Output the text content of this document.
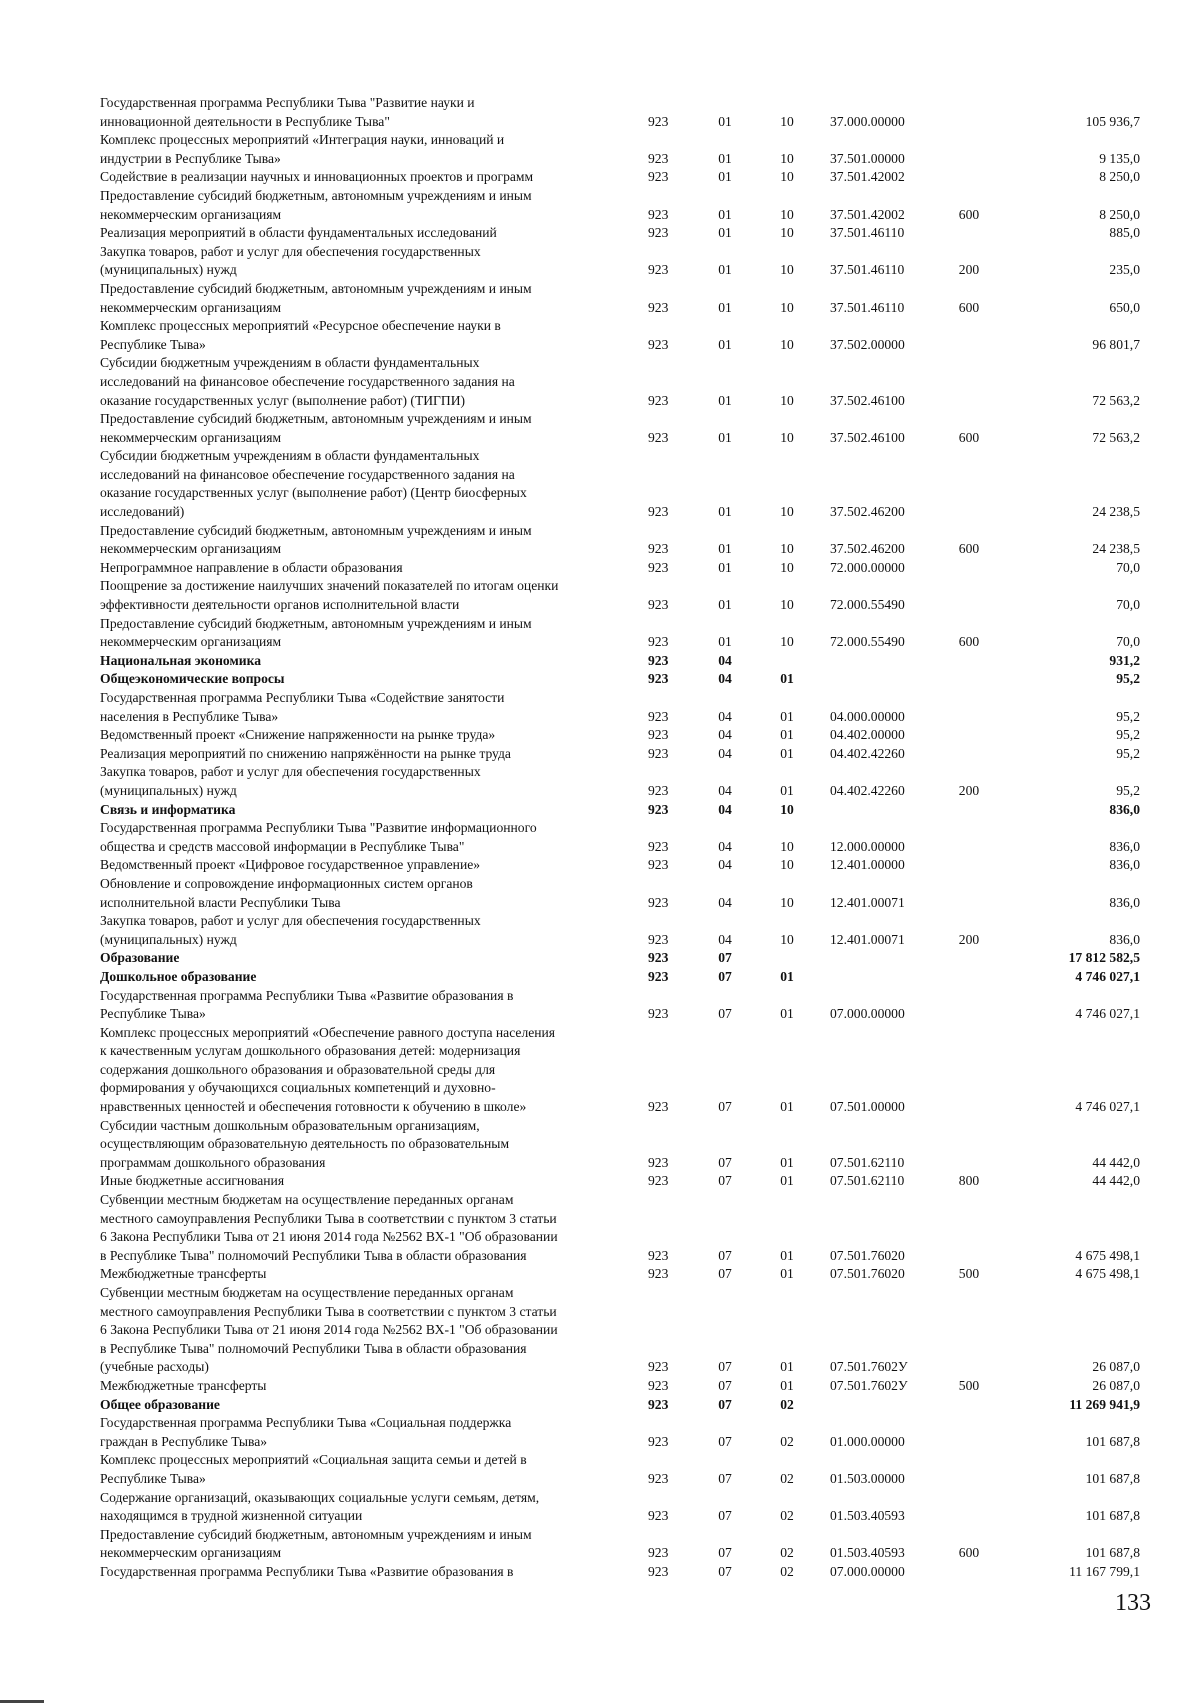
Государственная программа Республики Тыва "Развитие науки и
инновационной деятельности в Республике Тыва"	923	01	10	37.000.00000	105 936,7
Комплекс процессных мероприятий «Интеграция науки, инноваций и
индустрии в Республике Тыва»	923	01	10	37.501.00000	9 135,0
Содействие в реализации научных и инновационных проектов и программ	923	01	10	37.501.42002	8 250,0
Предоставление субсидий бюджетным, автономным учреждениям и иным
некоммерческим организациям	923	01	10	37.501.42002	600	8 250,0
Реализация мероприятий в области фундаментальных исследований	923	01	10	37.501.46110	885,0
Закупка товаров, работ и услуг для обеспечения государственных
(муниципальных) нужд	923	01	10	37.501.46110	200	235,0
Предоставление субсидий бюджетным, автономным учреждениям и иным
некоммерческим организациям	923	01	10	37.501.46110	600	650,0
Комплекс процессных мероприятий «Ресурсное обеспечение науки в
Республике Тыва»	923	01	10	37.502.00000	96 801,7
Субсидии бюджетным учреждениям в области фундаментальных
исследований на финансовое обеспечение государственного задания на
оказание государственных услуг (выполнение работ) (ТИГПИ)	923	01	10	37.502.46100	72 563,2
Предоставление субсидий бюджетным, автономным учреждениям и иным
некоммерческим организациям	923	01	10	37.502.46100	600	72 563,2
Субсидии бюджетным учреждениям в области фундаментальных
исследований на финансовое обеспечение государственного задания на
оказание государственных услуг (выполнение работ) (Центр биосферных
исследований)	923	01	10	37.502.46200	24 238,5
Предоставление субсидий бюджетным, автономным учреждениям и иным
некоммерческим организациям	923	01	10	37.502.46200	600	24 238,5
Непрограммное направление в области образования	923	01	10	72.000.00000	70,0
Поощрение за достижение наилучших значений показателей по итогам оценки
эффективности деятельности органов исполнительной власти	923	01	10	72.000.55490	70,0
Предоставление субсидий бюджетным, автономным учреждениям и иным
некоммерческим организациям	923	01	10	72.000.55490	600	70,0
Национальная экономика	923	04	931,2
Общеэкономические вопросы	923	04	01	95,2
Государственная программа Республики Тыва «Содействие занятости
населения в Республике Тыва»	923	04	01	04.000.00000	95,2
Ведомственный проект «Снижение напряженности на рынке труда»	923	04	01	04.402.00000	95,2
Реализация мероприятий по снижению напряжённости на рынке труда	923	04	01	04.402.42260	95,2
Закупка товаров, работ и услуг для обеспечения государственных
(муниципальных) нужд	923	04	01	04.402.42260	200	95,2
Связь и информатика	923	04	10	836,0
Государственная программа Республики Тыва "Развитие информационного
общества и средств массовой информации в Республике Тыва"	923	04	10	12.000.00000	836,0
Ведомственный проект «Цифровое государственное управление»	923	04	10	12.401.00000	836,0
Обновление и сопровождение информационных систем органов
исполнительной власти Республики Тыва	923	04	10	12.401.00071	836,0
Закупка товаров, работ и услуг для обеспечения государственных
(муниципальных) нужд	923	04	10	12.401.00071	200	836,0
Образование	923	07	17 812 582,5
Дошкольное образование	923	07	01	4 746 027,1
Государственная программа Республики Тыва «Развитие образования в
Республике Тыва»	923	07	01	07.000.00000	4 746 027,1
Комплекс процессных мероприятий «Обеспечение равного доступа населения
к качественным услугам дошкольного образования детей: модернизация
содержания дошкольного образования и образовательной среды для
формирования у обучающихся социальных компетенций и духовно-
нравственных ценностей и обеспечения готовности к обучению в школе»	923	07	01	07.501.00000	4 746 027,1
Субсидии частным дошкольным образовательным организациям,
осуществляющим образовательную деятельность по образовательным
программам дошкольного образования	923	07	01	07.501.62110	44 442,0
Иные бюджетные ассигнования	923	07	01	07.501.62110	800	44 442,0
Субвенции местным бюджетам на осуществление переданных органам
местного самоуправления Республики Тыва в соответствии с пунктом 3 статьи
6 Закона Республики Тыва от 21 июня 2014 года №2562 ВХ-1 "Об образовании
в Республике Тыва" полномочий Республики Тыва в области образования	923	07	01	07.501.76020	4 675 498,1
Межбюджетные трансферты	923	07	01	07.501.76020	500	4 675 498,1
Субвенции местным бюджетам на осуществление переданных органам
местного самоуправления Республики Тыва в соответствии с пунктом 3 статьи
6 Закона Республики Тыва от 21 июня 2014 года №2562 ВХ-1 "Об образовании
в Республике Тыва" полномочий Республики Тыва в области образования
(учебные расходы)	923	07	01	07.501.7602У	26 087,0
Межбюджетные трансферты	923	07	01	07.501.7602У	500	26 087,0
Общее образование	923	07	02	11 269 941,9
Государственная программа Республики Тыва «Социальная поддержка
граждан в Республике Тыва»	923	07	02	01.000.00000	101 687,8
Комплекс процессных мероприятий «Социальная защита семьи и детей в
Республике Тыва»	923	07	02	01.503.00000	101 687,8
Содержание организаций, оказывающих социальные услуги семьям, детям,
находящимся в трудной жизненной ситуации	923	07	02	01.503.40593	101 687,8
Предоставление субсидий бюджетным, автономным учреждениям и иным
некоммерческим организациям	923	07	02	01.503.40593	600	101 687,8
Государственная программа Республики Тыва «Развитие образования в	923	07	02	07.000.00000	11 167 799,1
133
